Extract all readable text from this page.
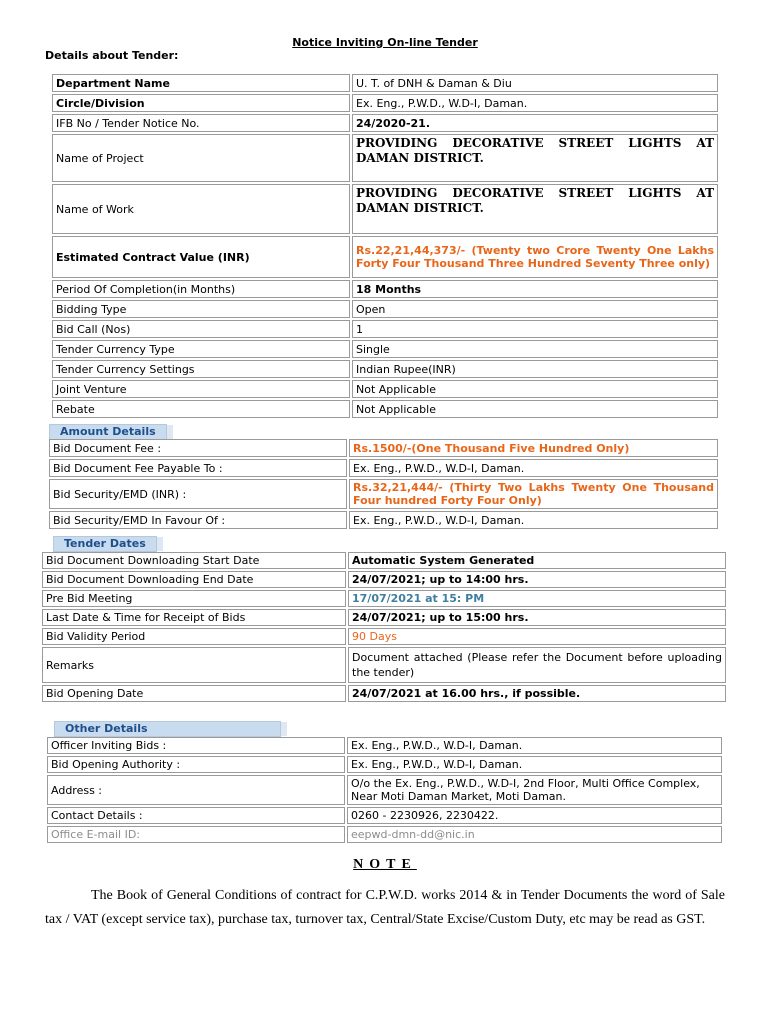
Notice Inviting On-line Tender
Details about Tender:
Department Name	U. T. of DNH & Daman & Diu
Circle/Division	Ex. Eng., P.W.D., W.D-I, Daman.
IFB No / Tender Notice No.	24/2020-21.
Name of Project	PROVIDING DECORATIVE STREET LIGHTS AT DAMAN DISTRICT.
Name of Work	PROVIDING DECORATIVE STREET LIGHTS AT DAMAN DISTRICT.
Estimated Contract Value (INR)	Rs.22,21,44,373/- (Twenty two Crore Twenty One Lakhs Forty Four Thousand Three Hundred Seventy Three only)
Period Of Completion(in Months)	18 Months
Bidding Type	Open
Bid Call (Nos)	1
Tender Currency Type	Single
Tender Currency Settings	Indian Rupee(INR)
Joint Venture	Not Applicable
Rebate	Not Applicable
Amount Details
Bid Document Fee :	Rs.1500/-(One Thousand Five Hundred Only)
Bid Document Fee Payable To :	Ex. Eng., P.W.D., W.D-I, Daman.
Bid Security/EMD (INR) :	Rs.32,21,444/- (Thirty Two Lakhs Twenty One Thousand Four hundred Forty Four Only)
Bid Security/EMD In Favour Of :	Ex. Eng., P.W.D., W.D-I, Daman.
Tender Dates
Bid Document Downloading Start Date	Automatic System Generated
Bid Document Downloading End Date	24/07/2021; up to 14:00 hrs.
Pre Bid Meeting	17/07/2021 at 15: PM
Last Date & Time for Receipt of Bids	24/07/2021; up to 15:00 hrs.
Bid Validity Period	90 Days
Remarks	Document attached (Please refer the Document before uploading the tender)
Bid Opening Date	24/07/2021 at 16.00 hrs., if possible.
Other Details
Officer Inviting Bids :	Ex. Eng., P.W.D., W.D-I, Daman.
Bid Opening Authority :	Ex. Eng., P.W.D., W.D-I, Daman.
Address :	O/o the Ex. Eng., P.W.D., W.D-I, 2nd Floor, Multi Office Complex, Near Moti Daman Market, Moti Daman.
Contact Details :	0260 - 2230926, 2230422.
Office E-mail ID:	eepwd-dmn-dd@nic.in
NOTE

The Book of General Conditions of contract for C.P.W.D. works 2014 & in Tender Documents the word of Sale tax / VAT (except service tax), purchase tax, turnover tax, Central/State Excise/Custom Duty, etc may be read as GST.
